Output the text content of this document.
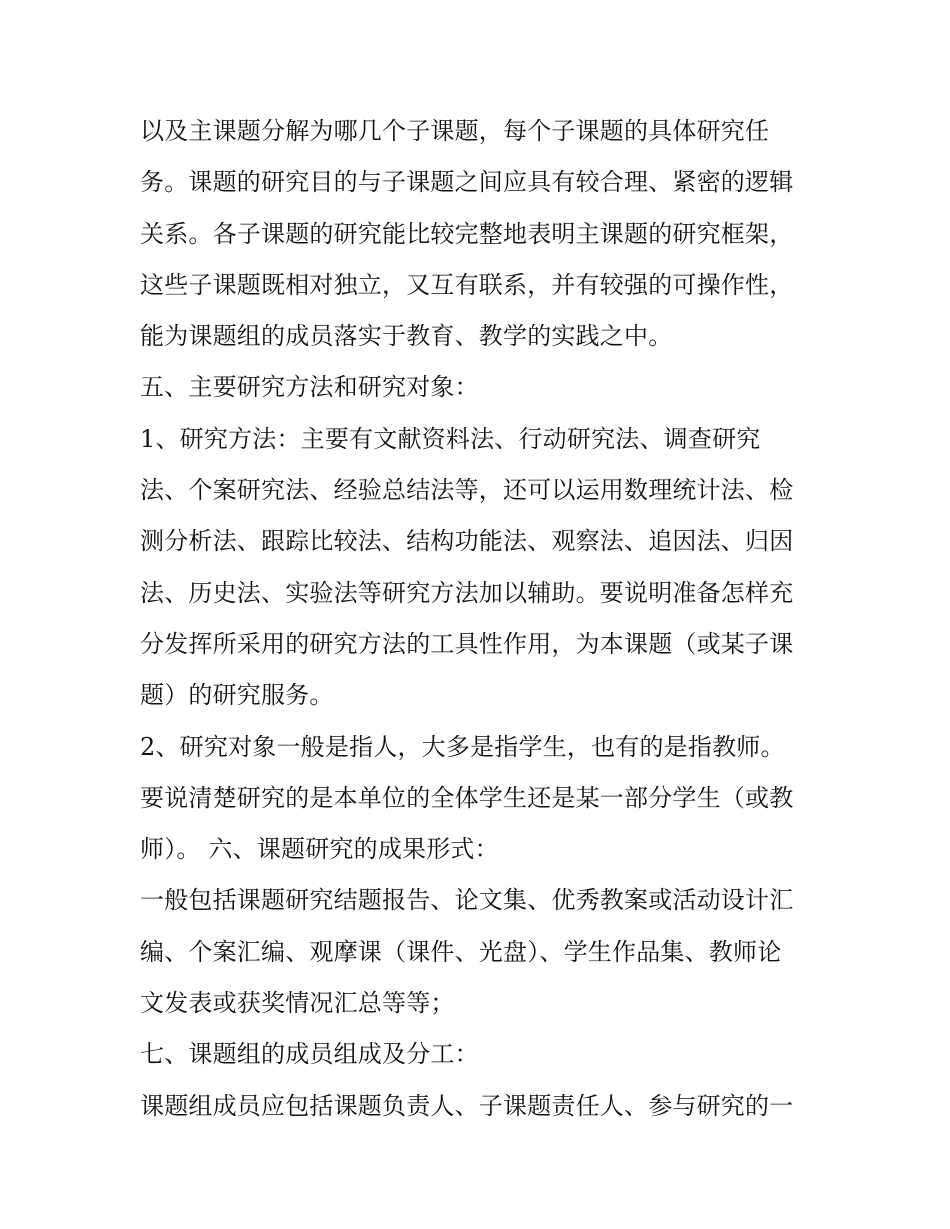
以及主课题分解为哪几个子课题，每个子课题的具体研究任
务。课题的研究目的与子课题之间应具有较合理、紧密的逻辑
关系。各子课题的研究能比较完整地表明主课题的研究框架，
这些子课题既相对独立，又互有联系，并有较强的可操作性，
能为课题组的成员落实于教育、教学的实践之中。
五、主要研究方法和研究对象：
1、研究方法：主要有文献资料法、行动研究法、调查研究
法、个案研究法、经验总结法等，还可以运用数理统计法、检
测分析法、跟踪比较法、结构功能法、观察法、追因法、归因
法、历史法、实验法等研究方法加以辅助。要说明准备怎样充
分发挥所采用的研究方法的工具性作用，为本课题（或某子课
题）的研究服务。
2、研究对象一般是指人，大多是指学生，也有的是指教师。
要说清楚研究的是本单位的全体学生还是某一部分学生（或教
师）。 六、课题研究的成果形式：
一般包括课题研究结题报告、论文集、优秀教案或活动设计汇
编、个案汇编、观摩课（课件、光盘）、学生作品集、教师论
文发表或获奖情况汇总等等；
七、课题组的成员组成及分工：
课题组成员应包括课题负责人、子课题责任人、参与研究的一
